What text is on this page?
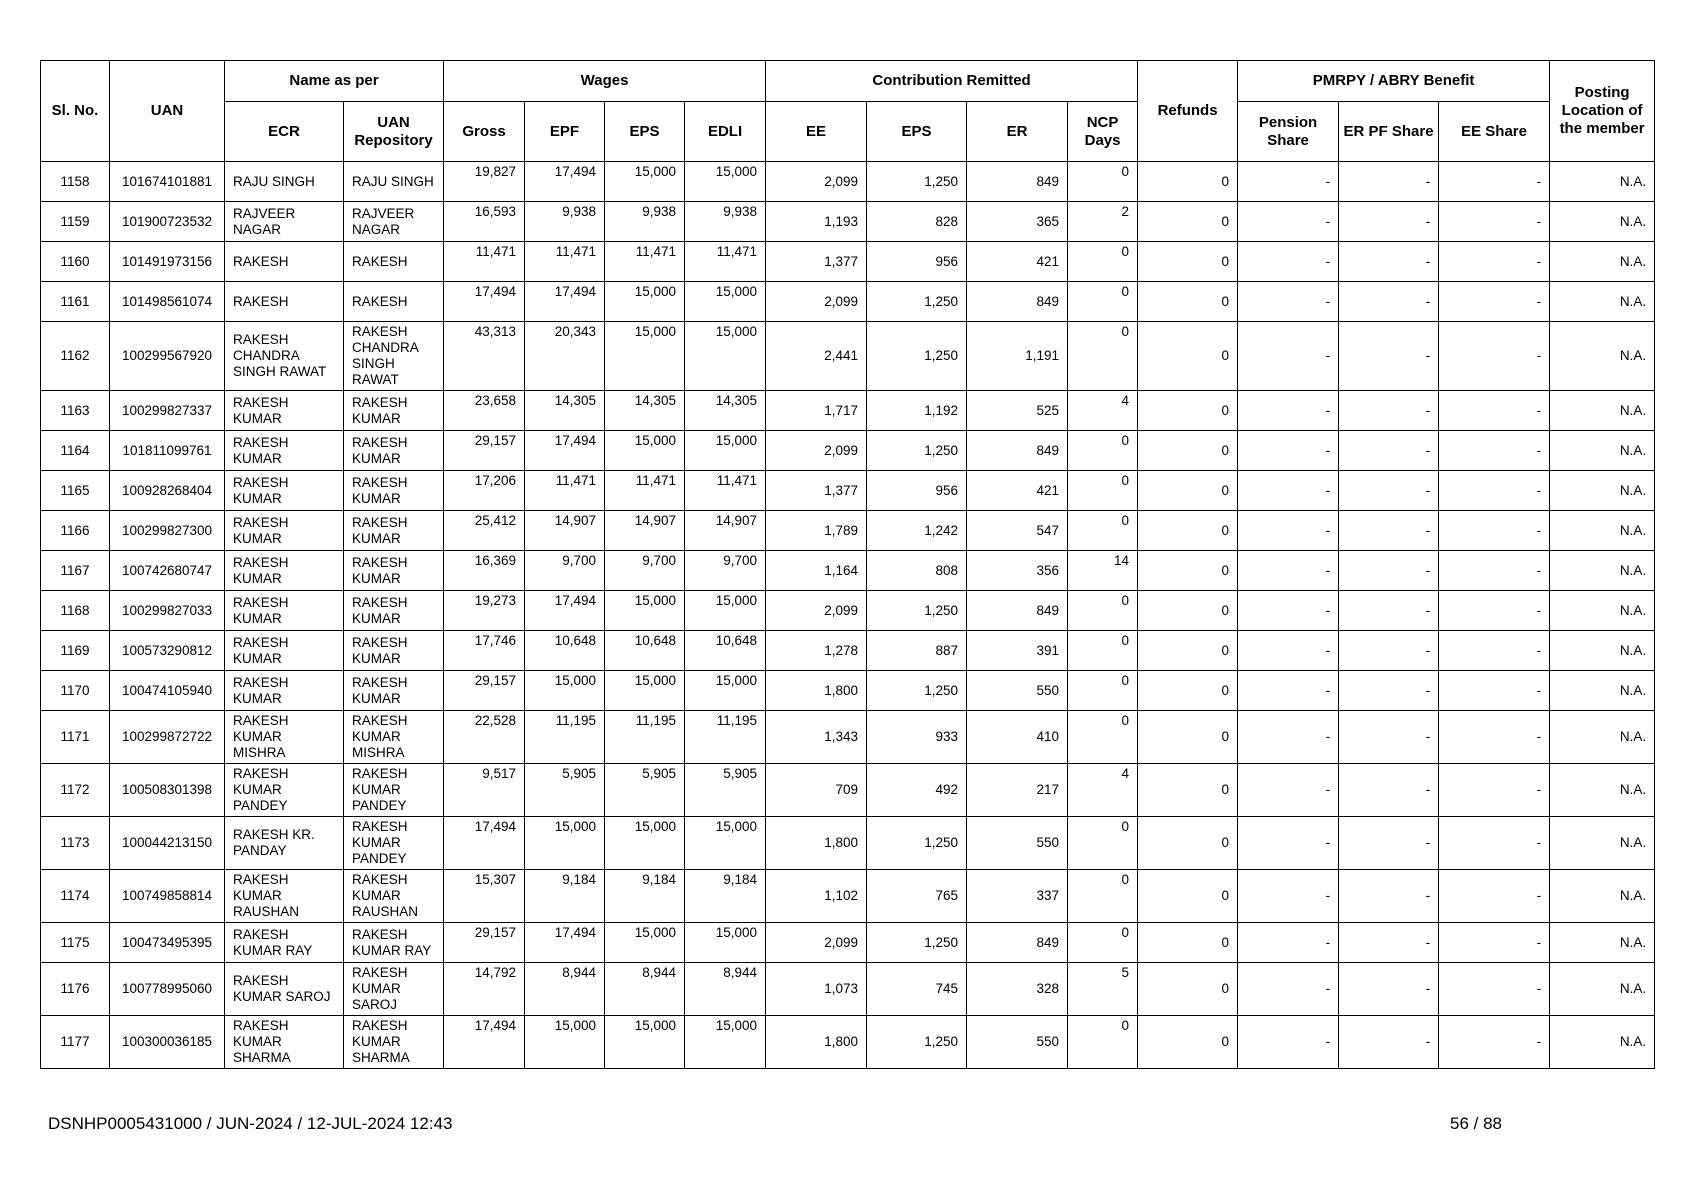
Sl. No.	UAN	Name as per		Wages				Contribution Remitted				Refunds	PMRPY / ABRY Benefit			Posting Location of the member
		ECR	UAN Repository	Gross	EPF	EPS	EDLI	EE	EPS	ER	NCP Days		Pension Share	ER PF Share	EE Share	
1158	101674101881	RAJU SINGH	RAJU SINGH	19,827	17,494	15,000	15,000	2,099	1,250	849	0	0	-	-	-	N.A.
1159	101900723532	RAJVEER NAGAR	RAJVEER NAGAR	16,593	9,938	9,938	9,938	1,193	828	365	2	0	-	-	-	N.A.
1160	101491973156	RAKESH	RAKESH	11,471	11,471	11,471	11,471	1,377	956	421	0	0	-	-	-	N.A.
1161	101498561074	RAKESH	RAKESH	17,494	17,494	15,000	15,000	2,099	1,250	849	0	0	-	-	-	N.A.
1162	100299567920	RAKESH CHANDRA SINGH RAWAT	RAKESH CHANDRA SINGH RAWAT	43,313	20,343	15,000	15,000	2,441	1,250	1,191	0	0	-	-	-	N.A.
1163	100299827337	RAKESH KUMAR	RAKESH KUMAR	23,658	14,305	14,305	14,305	1,717	1,192	525	4	0	-	-	-	N.A.
1164	101811099761	RAKESH KUMAR	RAKESH KUMAR	29,157	17,494	15,000	15,000	2,099	1,250	849	0	0	-	-	-	N.A.
1165	100928268404	RAKESH KUMAR	RAKESH KUMAR	17,206	11,471	11,471	11,471	1,377	956	421	0	0	-	-	-	N.A.
1166	100299827300	RAKESH KUMAR	RAKESH KUMAR	25,412	14,907	14,907	14,907	1,789	1,242	547	0	0	-	-	-	N.A.
1167	100742680747	RAKESH KUMAR	RAKESH KUMAR	16,369	9,700	9,700	9,700	1,164	808	356	14	0	-	-	-	N.A.
1168	100299827033	RAKESH KUMAR	RAKESH KUMAR	19,273	17,494	15,000	15,000	2,099	1,250	849	0	0	-	-	-	N.A.
1169	100573290812	RAKESH KUMAR	RAKESH KUMAR	17,746	10,648	10,648	10,648	1,278	887	391	0	0	-	-	-	N.A.
1170	100474105940	RAKESH KUMAR	RAKESH KUMAR	29,157	15,000	15,000	15,000	1,800	1,250	550	0	0	-	-	-	N.A.
1171	100299872722	RAKESH KUMAR MISHRA	RAKESH KUMAR MISHRA	22,528	11,195	11,195	11,195	1,343	933	410	0	0	-	-	-	N.A.
1172	100508301398	RAKESH KUMAR PANDEY	RAKESH KUMAR PANDEY	9,517	5,905	5,905	5,905	709	492	217	4	0	-	-	-	N.A.
1173	100044213150	RAKESH KR. PANDAY	RAKESH KUMAR PANDEY	17,494	15,000	15,000	15,000	1,800	1,250	550	0	0	-	-	-	N.A.
1174	100749858814	RAKESH KUMAR RAUSHAN	RAKESH KUMAR RAUSHAN	15,307	9,184	9,184	9,184	1,102	765	337	0	0	-	-	-	N.A.
1175	100473495395	RAKESH KUMAR RAY	RAKESH KUMAR RAY	29,157	17,494	15,000	15,000	2,099	1,250	849	0	0	-	-	-	N.A.
1176	100778995060	RAKESH KUMAR SAROJ	RAKESH KUMAR SAROJ	14,792	8,944	8,944	8,944	1,073	745	328	5	0	-	-	-	N.A.
1177	100300036185	RAKESH KUMAR SHARMA	RAKESH KUMAR SHARMA	17,494	15,000	15,000	15,000	1,800	1,250	550	0	0	-	-	-	N.A.
DSNHP0005431000 / JUN-2024 / 12-JUL-2024 12:43	56 / 88
